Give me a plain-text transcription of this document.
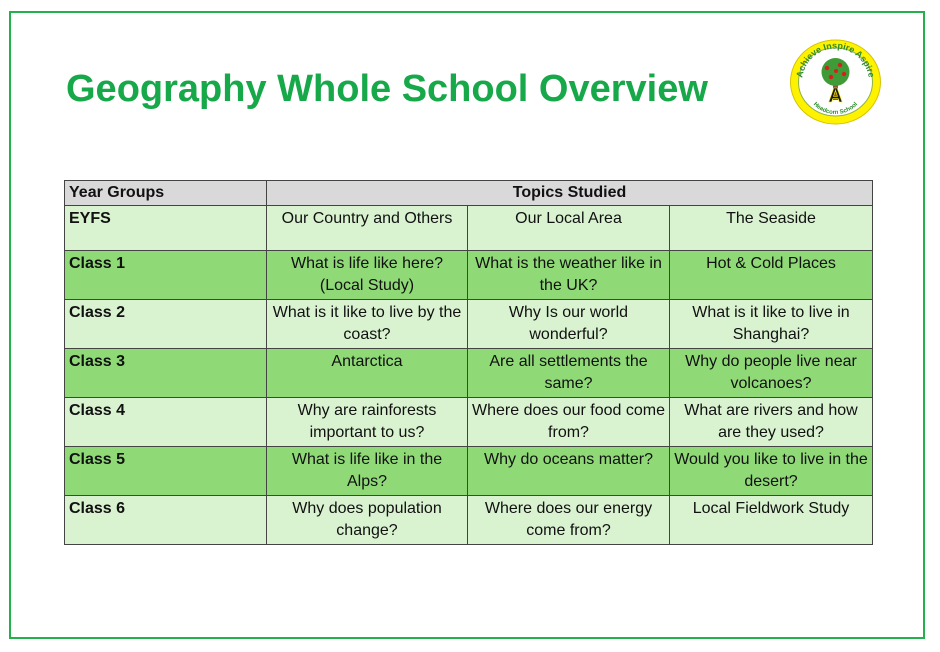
Geography Whole School Overview	Achieve Inspire Aspire
A
Headcorn School
Year Groups	Topics Studied		
EYFS	Our Country and Others	Our Local Area	The Seaside
Class 1	What is life like here? (Local Study)	What is the weather like in the UK?	Hot & Cold Places
Class 2	What is it like to live by the coast?	Why Is our world wonderful?	What is it like to live in Shanghai?
Class 3	Antarctica	Are all settlements the same?	Why do people live near volcanoes?
Class 4	Why are rainforests important to us?	Where does our food come from?	What are rivers and how are they used?
Class 5	What is life like in the Alps?	Why do oceans matter?	Would you like to live in the desert?
Class 6	Why does population change?	Where does our energy come from?	Local Fieldwork Study
